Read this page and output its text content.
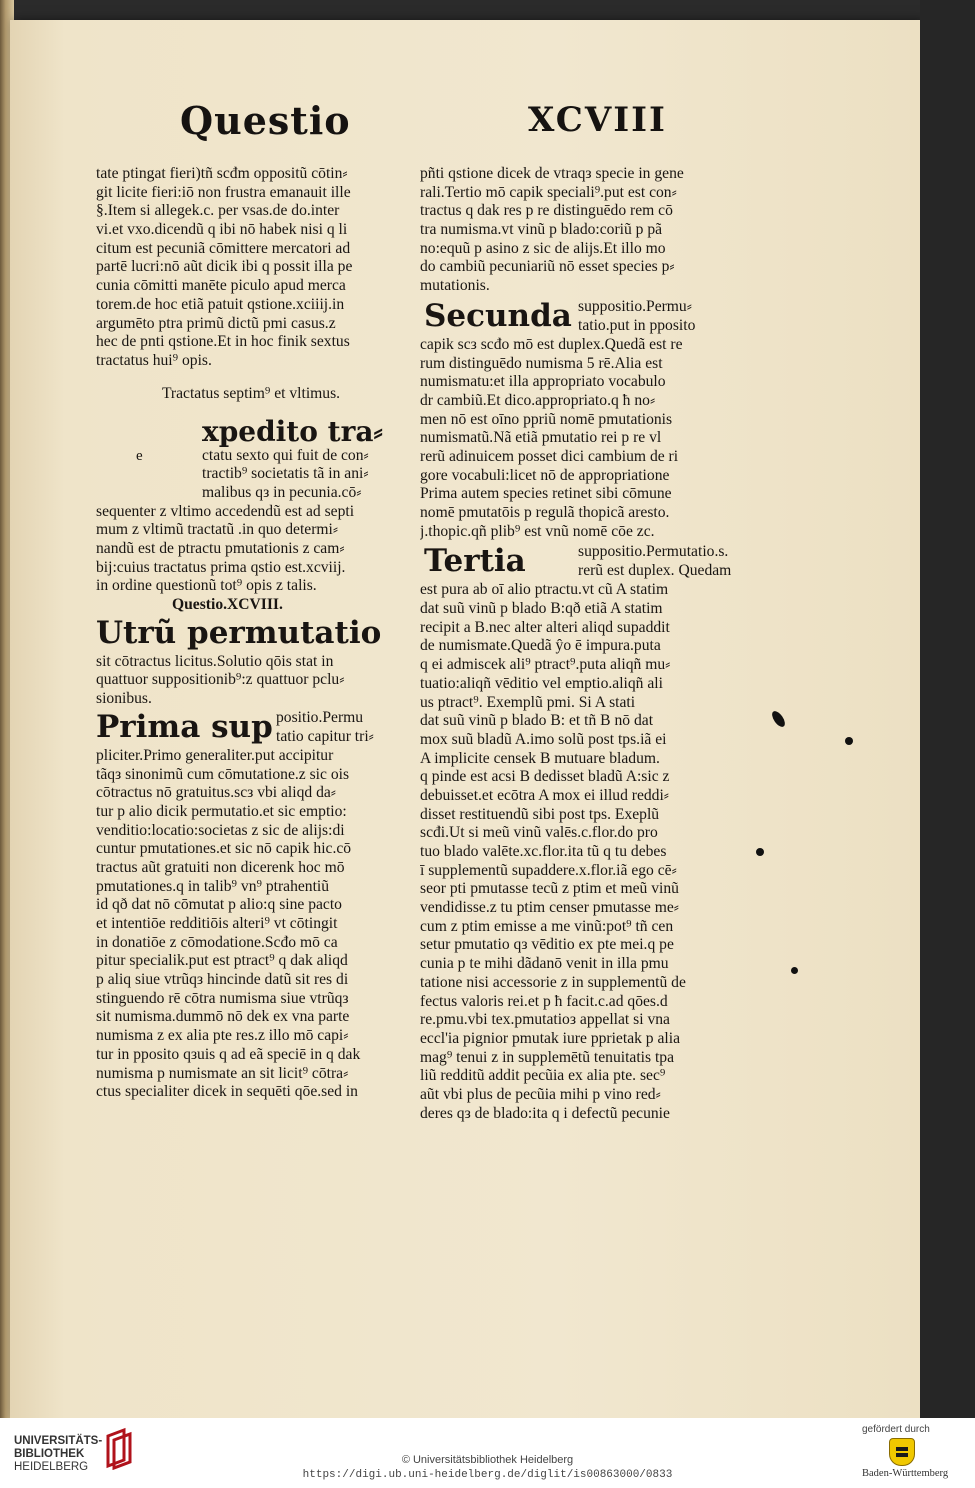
Questio	XCVIII
tate ptingat fieri)tñ scđm oppositũ cōtin⸗
git licite fieri:iō non frustra emanauit ille
§.Item si allegek.c. per vsas.de do.inter
vi.et vxo.dicendũ q ibi nō habek nisi q li
citum est pecuniã cōmittere mercatori ad
partē lucri:nō aũt dicik ibi q possit illa pe
cunia cōmitti manēte piculo apud merca
torem.de hoc etiã patuit qstione.xciiij.in
argumēto ptra primũ dictũ pmi casus.z
hec de pnti qstione.Et in hoc finik sextus
tractatus hui⁹ opis.
Tractatus septim⁹ et vltimus.
e
xpedito tra⸗
ctatu sexto qui fuit de con⸗
tractib⁹ societatis tã in ani⸗
malibus qз in pecunia.cō⸗
sequenter z vltimo accedendũ est ad septi
mum z vltimũ tractatũ .in quo determi⸗
nandũ est de ptractu pmutationis z cam⸗
bij:cuius tractatus prima qstio est.xcviij.
in ordine questionũ tot⁹ opis z talis.
Questio.XCVIII.
Utrũ permutatio
sit cōtractus licitus.Solutio qōis stat in
quattuor suppositionib⁹:z quattuor pclu⸗
sionibus.
Prima sup positio.Permu
tatio capitur tri⸗
pliciter.Primo generaliter.put accipitur
tãqз sinonimũ cum cōmutatione.z sic ois
cōtractus nō gratuitus.scз vbi aliqd da⸗
tur p alio dicik permutatio.et sic emptio:
venditio:locatio:societas z sic de alijs:di
cuntur pmutationes.et sic nō capik hic.cō
tractus aũt gratuiti non dicerenk hoc mō
pmutationes.q in talib⁹ vn⁹ ptrahentiũ
id qð dat nō cōmutat p alio:q sine pacto
et intentiōe redditiōis alteri⁹ vt cōtingit
in donatiōe z cōmodatione.Scđo mō ca
pitur specialik.put est ptract⁹ q dak aliqd
p aliq siue vtrũqз hincinde datũ sit res di
stinguendo rē cōtra numisma siue vtrũqз
sit numisma.dummō nō dek ex vna parte
numisma z ex alia pte res.z illo mō capi⸗
tur in pposito qзuis q ad eã speciē in q dak
numisma p numismate an sit licit⁹ cōtra⸗
ctus specialiter dicek in sequēti qōe.sed in
pñti qstione dicek de vtraqз specie in gene
rali.Tertio mō capik speciali⁹.put est con⸗
tractus q dak res p re distinguēdo rem cō
tra numisma.vt vinũ p blado:coriũ p pã
no:equũ p asino z sic de alijs.Et illo mo
do cambiũ pecuniariũ nō esset species p⸗
mutationis.
Secunda suppositio.Permu⸗
tatio.put in pposito
capik scз scđo mō est duplex.Quedã est re
rum distinguēdo numisma 5 rē.Alia est
numismatu:et illa appropriato vocabulo
dr cambiũ.Et dico.appropriato.q ħ no⸗
men nō est oīno ppriũ nomē pmutationis
numismatũ.Nã etiã pmutatio rei p re vl
rerũ adinuicem posset dici cambium de ri
gore vocabuli:licet nō de appropriatione
Prima autem species retinet sibi cōmune
nomē pmutatōis p regulã thopicã aresto.
j.thopic.qñ plib⁹ est vnũ nomē cōe zc.
Tertia	suppositio.Permutatio.s.
rerũ est duplex. Quedam
est pura ab oī alio ptractu.vt cũ A statim
dat suũ vinũ p blado B:qð etiã A statim
recipit a B.nec alter alteri aliqd supaddit
de numismate.Quedã ŷo ē impura.puta
q ei admiscek ali⁹ ptract⁹.puta aliqñ mu⸗
tuatio:aliqñ vēditio vel emptio.aliqñ ali
us ptract⁹. Exemplũ pmi. Si A stati
dat suũ vinũ p blado B: et tñ B nō dat
mox suũ bladũ A.imo solũ post tps.iã ei
A implicite censek B mutuare bladum.
q pinde est acsi B dedisset bladũ A:sic z
debuisset.et ecōtra A mox ei illud reddi⸗
disset restituendũ sibi post tps. Exeplũ
scđi.Ut si meũ vinũ valēs.c.flor.do pro
tuo blado valēte.xc.flor.ita tũ q tu debes
ī supplementũ supaddere.x.flor.iã ego cē⸗
seor pti pmutasse tecũ z ptim et meũ vinũ
vendidisse.z tu ptim censer pmutasse me⸗
cum z ptim emisse a me vinũ:pot⁹ tñ cen
setur pmutatio qз vēditio ex pte mei.q pe
cunia p te mihi dãdanō venit in illa pmu
tatione nisi accessorie z in supplementũ de
fectus valoris rei.et p ħ facit.c.ad qōes.d
re.pmu.vbi tex.pmutatioз appellat si vna
eccl'ia pignior pmutak iure pprietak p alia
mag⁹ tenui z in supplemētũ tenuitatis tpa
liũ redditũ addit pecũia ex alia pte. sec⁹
aũt vbi plus de pecũia mihi p vino red⸗
deres qз de blado:ita q i defectũ pecunie
UNIVERSITÄTS-
BIBLIOTHEK
HEIDELBERG
© Universitätsbibliothek Heidelberg
https://digi.ub.uni-heidelberg.de/diglit/is00863000/0833
gefördert durch
Baden-Württemberg
